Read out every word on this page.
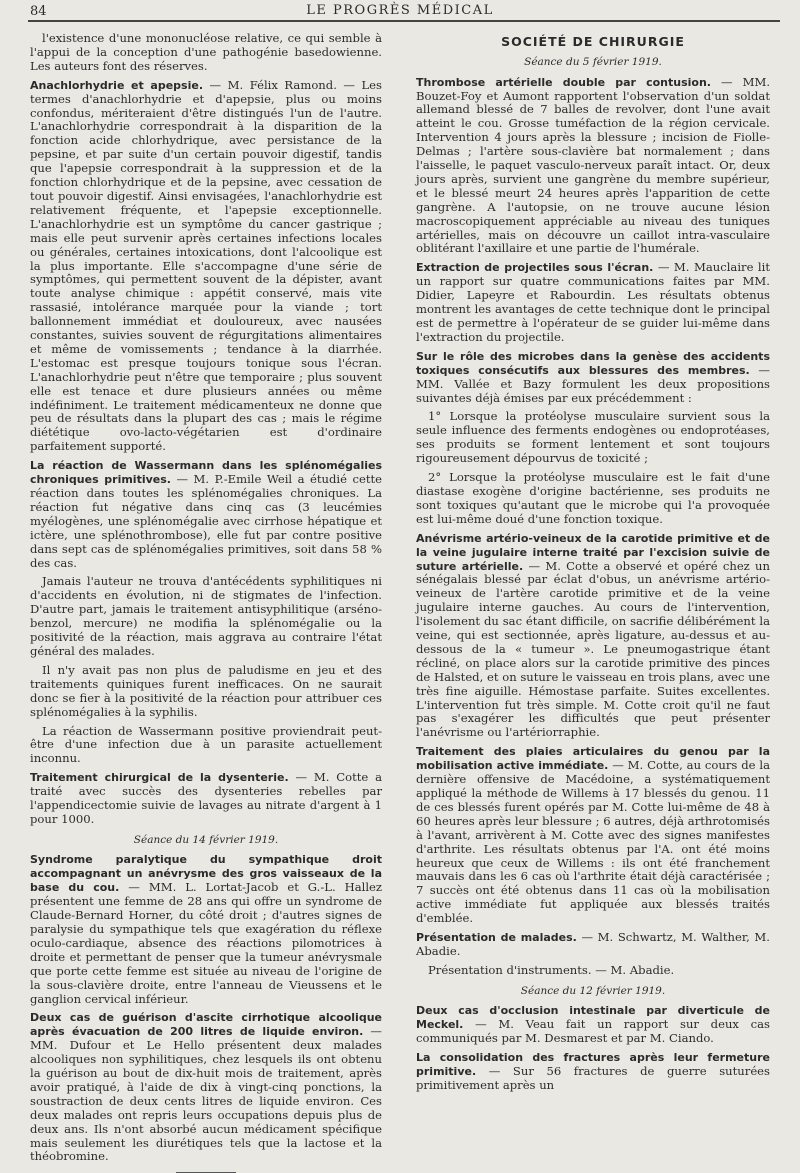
84	LE PROGRÈS MÉDICAL

l'existence d'une mononucléose relative, ce qui semble à l'appui de la conception d'une pathogénie basedowienne. Les auteurs font des réserves.

Anachlorhydrie et apepsie. — M. Félix Ramond. — Les termes d'anachlorhydrie et d'apepsie, plus ou moins confondus, mériteraient d'être distingués l'un de l'autre. L'anachlorhydrie correspondrait à la disparition de la fonction acide chlorhydrique, avec persistance de la pepsine, et par suite d'un certain pouvoir digestif, tandis que l'apepsie correspondrait à la suppression et de la fonction chlorhydrique et de la pepsine, avec cessation de tout pouvoir digestif. Ainsi envisagées, l'anachlorhydrie est relativement fréquente, et l'apepsie exceptionnelle. L'anachlorhydrie est un symptôme du cancer gastrique ; mais elle peut survenir après certaines infections locales ou générales, certaines intoxications, dont l'alcoolique est la plus importante. Elle s'accompagne d'une série de symptômes, qui permettent souvent de la dépister, avant toute analyse chimique : appétit conservé, mais vite rassasié, intolérance marquée pour la viande ; tort ballonnement immédiat et douloureux, avec nausées constantes, suivies souvent de régurgitations alimentaires et même de vomissements ; tendance à la diarrhée. L'estomac est presque toujours tonique sous l'écran. L'anachlorhydrie peut n'être que temporaire ; plus souvent elle est tenace et dure plusieurs années ou même indéfiniment. Le traitement médicamenteux ne donne que peu de résultats dans la plupart des cas ; mais le régime diététique ovo-lacto-végétarien est d'ordinaire parfaitement supporté.

La réaction de Wassermann dans les splénomégalies chroniques primitives. — M. P.-Emile Weil a étudié cette réaction dans toutes les splénomégalies chroniques. La réaction fut négative dans cinq cas (3 leucémies myélogènes, une splénomégalie avec cirrhose hépatique et ictère, une splénothrombose), elle fut par contre positive dans sept cas de splénomégalies primitives, soit dans 58 % des cas.

Jamais l'auteur ne trouva d'antécédents syphilitiques ni d'accidents en évolution, ni de stigmates de l'infection. D'autre part, jamais le traitement antisyphilitique (arséno-benzol, mercure) ne modifia la splénomégalie ou la positivité de la réaction, mais aggrava au contraire l'état général des malades.

Il n'y avait pas non plus de paludisme en jeu et des traitements quiniques furent inefficaces. On ne saurait donc se fier à la positivité de la réaction pour attribuer ces splénomégalies à la syphilis.

La réaction de Wassermann positive proviendrait peut-être d'une infection due à un parasite actuellement inconnu.

Traitement chirurgical de la dysenterie. — M. Cotte a traité avec succès des dysenteries rebelles par l'appendicectomie suivie de lavages au nitrate d'argent à 1 pour 1000.

Séance du 14 février 1919.

Syndrome paralytique du sympathique droit accompagnant un anévrysme des gros vaisseaux de la base du cou. — MM. L. Lortat-Jacob et G.-L. Hallez présentent une femme de 28 ans qui offre un syndrome de Claude-Bernard Horner, du côté droit ; d'autres signes de paralysie du sympathique tels que exagération du réflexe oculo-cardiaque, absence des réactions pilomotrices à droite et permettant de penser que la tumeur anévrysmale que porte cette femme est située au niveau de l'origine de la sous-clavière droite, entre l'anneau de Vieussens et le ganglion cervical inférieur.

Deux cas de guérison d'ascite cirrhotique alcoolique après évacuation de 200 litres de liquide environ. — MM. Dufour et Le Hello présentent deux malades alcooliques non syphilitiques, chez lesquels ils ont obtenu la guérison au bout de dix-huit mois de traitement, après avoir pratiqué, à l'aide de dix à vingt-cinq ponctions, la soustraction de deux cents litres de liquide environ. Ces deux malades ont repris leurs occupations depuis plus de deux ans. Ils n'ont absorbé aucun médicament spécifique mais seulement les diurétiques tels que la lactose et la théobromine.

SOCIÉTÉ DE CHIRURGIE
Séance du 5 février 1919.

Thrombose artérielle double par contusion. — MM. Bouzet-Foy et Aumont rapportent l'observation d'un soldat allemand blessé de 7 balles de revolver, dont l'une avait atteint le cou. Grosse tuméfaction de la région cervicale. Intervention 4 jours après la blessure ; incision de Fiolle-Delmas ; l'artère sous-clavière bat normalement ; dans l'aisselle, le paquet vasculo-nerveux paraît intact. Or, deux jours après, survient une gangrène du membre supérieur, et le blessé meurt 24 heures après l'apparition de cette gangrène. A l'autopsie, on ne trouve aucune lésion macroscopiquement appréciable au niveau des tuniques artérielles, mais on découvre un caillot intra-vasculaire oblitérant l'axillaire et une partie de l'humérale.

Extraction de projectiles sous l'écran. — M. Mauclaire lit un rapport sur quatre communications faites par MM. Didier, Lapeyre et Rabourdin. Les résultats obtenus montrent les avantages de cette technique dont le principal est de permettre à l'opérateur de se guider lui-même dans l'extraction du projectile.

Sur le rôle des microbes dans la genèse des accidents toxiques consécutifs aux blessures des membres. — MM. Vallée et Bazy formulent les deux propositions suivantes déjà émises par eux précédemment :

1° Lorsque la protéolyse musculaire survient sous la seule influence des ferments endogènes ou endoprotéases, ses produits se forment lentement et sont toujours rigoureusement dépourvus de toxicité ;

2° Lorsque la protéolyse musculaire est le fait d'une diastase exogène d'origine bactérienne, ses produits ne sont toxiques qu'autant que le microbe qui l'a provoquée est lui-même doué d'une fonction toxique.

Anévrisme artério-veineux de la carotide primitive et de la veine jugulaire interne traité par l'excision suivie de suture artérielle. — M. Cotte a observé et opéré chez un sénégalais blessé par éclat d'obus, un anévrisme artério-veineux de l'artère carotide primitive et de la veine jugulaire interne gauches. Au cours de l'intervention, l'isolement du sac étant difficile, on sacrifie délibérément la veine, qui est sectionnée, après ligature, au-dessus et au-dessous de la « tumeur ». Le pneumogastrique étant récliné, on place alors sur la carotide primitive des pinces de Halsted, et on suture le vaisseau en trois plans, avec une très fine aiguille. Hémostase parfaite. Suites excellentes. L'intervention fut très simple. M. Cotte croit qu'il ne faut pas s'exagérer les difficultés que peut présenter l'anévrisme ou l'artériorraphie.

Traitement des plaies articulaires du genou par la mobilisation active immédiate. — M. Cotte, au cours de la dernière offensive de Macédoine, a systématiquement appliqué la méthode de Willems à 17 blessés du genou. 11 de ces blessés furent opérés par M. Cotte lui-même de 48 à 60 heures après leur blessure ; 6 autres, déjà arthrotomisés à l'avant, arrivèrent à M. Cotte avec des signes manifestes d'arthrite. Les résultats obtenus par l'A. ont été moins heureux que ceux de Willems : ils ont été franchement mauvais dans les 6 cas où l'arthrite était déjà caractérisée ; 7 succès ont été obtenus dans 11 cas où la mobilisation active immédiate fut appliquée aux blessés traités d'emblée.

Présentation de malades. — M. Schwartz, M. Walther, M. Abadie.

Présentation d'instruments. — M. Abadie.

Séance du 12 février 1919.

Deux cas d'occlusion intestinale par diverticule de Meckel. — M. Veau fait un rapport sur deux cas communiqués par M. Desmarest et par M. Ciando.

La consolidation des fractures après leur fermeture primitive. — Sur 56 fractures de guerre suturées primitivement après un
